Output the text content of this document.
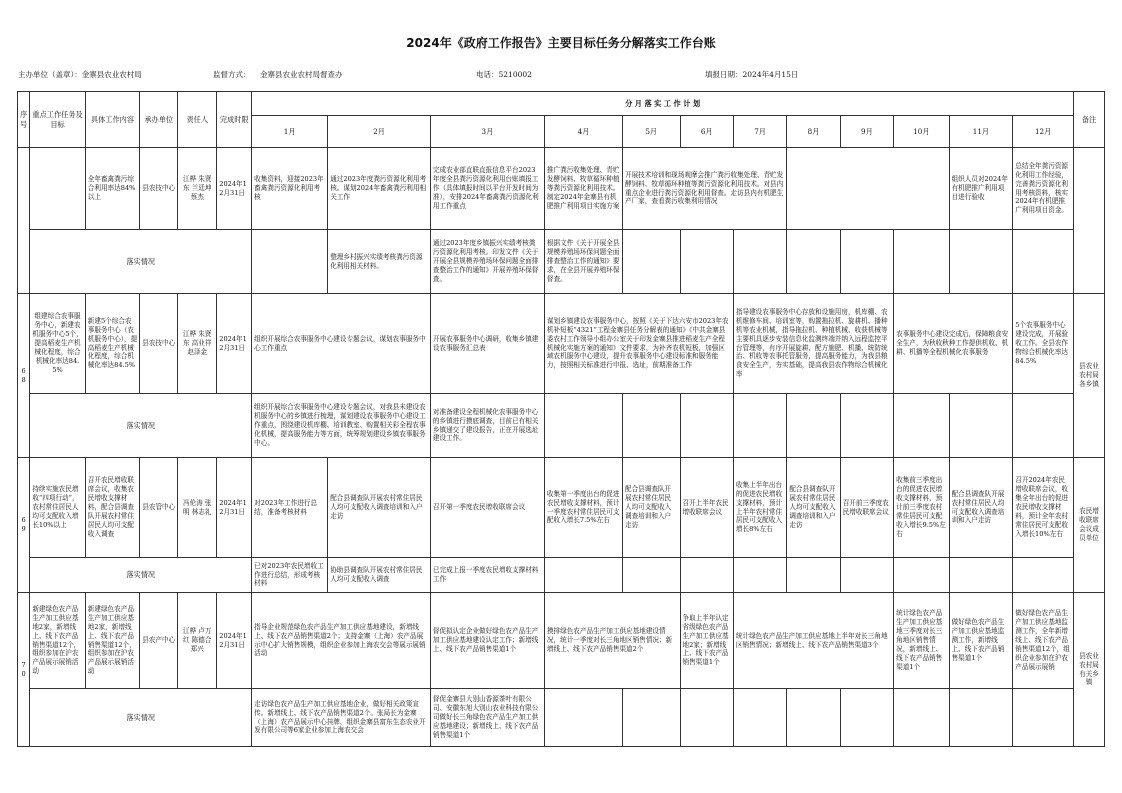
2024年《政府工作报告》主要目标任务分解落实工作台账
主办单位（盖章）：金寨县农业农村局	监督方式： 金寨县农业农村局督查办	电话：5210002	填报日期：2024年4月15日
序号	重点工作任务及目标	具体工作内容	承办单位	责任人	完成时限	分 月 落 实 工 作 计 划												备注
						1月	2月	3月	4月	5月	6月	7月	8月	9月	10月	11月	12月	
		全年畜禽粪污综合利用率达84%以上	县农技中心	江桦 朱贤东 兰廷坤 蔡杰	2024年12月31日	收集资料，迎接2023年畜禽粪污资源化利用考核	通过2023年度粪污资源化利用考核。谋划2024年畜禽粪污利用相关工作	完成农业部直联直报信息平台2023年度全县粪污资源化利用台账填报工作（具体填报时间以平台开发时间为准），安排2024年畜禽粪污资源化利用工作重点	推广粪污收集处理、青贮发酵饲料、牧草循环种植等粪污资源化利用技术。制定2024年金寨县有机肥推广利用项目实施方案	开展技术培训和现场观摩会推广粪污收集处理、青贮发酵饲料、牧草循环种植等粪污资源化利用技术。对县内重点企业进行粪污资源化利用督查。走访县内有机肥生产厂家，查看粪污收集利用情况						组织人员对2024年有机肥推广利用项目进行验收	总结全年粪污资源化利用工作经验，完善粪污资源化利用考核资料，核实2024年有机肥推广利用项目资金。	
	落实情况						整理乡村振兴实绩考核粪污资源化利用相关材料。	通过2023年度乡镇振兴实绩考核粪污资源化利用考核。印发文件《关于开展全县规模养殖场环保问题全面排查整治工作的通知》开展养殖环保督查。	根据文件《关于开展全县规模养殖场环保问题全面排查整治工作的通知》要求，在全县开展养殖环保督查。									
68	组建综合农事服务中心，新建农机服务中心5个，提高稻麦生产机械化程度，综合机械化率达84.5%	新建5个综合农事服务中心（农机服务中心），提高稻麦生产机械化程度，综合机械化率达84.5%	县农技中心	江桦 朱贤东 高业祥 赵泽金	2024年12月31日	组织开展综合农事服务中心建设专题会议，谋划农事服务中心工作重点		开展农事服务中心调研，收集乡镇建设农事服务汇总表	谋划乡镇建设农事服务中心，按照《关于下达六安市2023年农机补短板“4321”工程金寨县任务分解表的通知》《中共金寨县委农村工作领导小组办公室关于印发金寨县推进稻麦生产全程机械化实施方案的通知》文件要求，为补齐农机短板，加强区域农机服务中心建设，提升农事服务中心建设标准和服务能力，按照相关标准进行申报、选址，前期准备工作			指导建设农事服务中心存放和设施用房，机库棚、农机维修车间、培训室等，购置拖拉机、旋耕机、播种机等农业机械，指导拖拉机、种植机械、收获机械等主要机具逐步安装信息化监测终端并纳入远程监控平台管理等，有序开展旋耕、配方施肥、机播、统防统治、机收等农事托管服务，提高服务能力，为我县粮食安全生产，夯实基础，提高我县农作物综合机械化率			农事服务中心建设完成后，保障粮食安全生产，为秋收秋种工作提供机收、机耕、机播等全程机械化农事服务		5个农事服务中心建设完成，开展验收工作。全县农作物综合机械化率达84.5%	县农业农村局各乡镇
	落实情况					组织开展综合农事服务中心建设专题会议，对我县未建设农机服务中心的乡镇进行梳理，谋划建设农事服务中心建设工作重点，围绕建设机库棚、培训教室、购置相关彩全程农事化机械，提高服务能力等方面，统筹规划建设乡镇农事服务中心。		对准备建设全程机械化农事服务中心的乡镇进行摸底调查，目前已有相关乡镇递交了建设报告，正在开展选址建设工作。										
69	持续实施农民增收“四项行动”，农村常住居民人均可支配收入增长10%以上	召开农民增收联席会议，收集农民增收支撑材料，配合县调查队开展农村常住居民人均可支配收入调查	县农管中心	冯伦涛 张明 林志礼	2024年12月31日	对2023年工作进行总结，准备考核材料	配合县调查队开展农村常住居民人均可支配收入调查培训和入户走访	召开第一季度农民增收联席会议	收集第一季度出台的促进农民增收支撑材料，预计一季度农村常住居民可支配收入增长7.5%左右	配合县调查队开展农村常住居民人均可支配收入调查培训和入户走访	召开上半年农民增收联席会议	收集上半年出台的促进农民增收支撑材料，预计上半年农村常住居民可支配收入增长8%左右	配合县调查队开展农村常住居民人均可支配收入调查培训和入户走访	召开前三季度农民增收联席会议	收集前三季度出台的促进农民增收支撑材料，预计前三季度农村常住居民可支配收入增长9.5%左右	配合县调查队开展农村常住居民人均可支配收入调查培训和入户走访	召开2024年农民增收联席会议，收集全年出台的促进农民增收支撑材料，预计全年农村常住居民可支配收入增长10%左右	农民增收联席会议成员单位
	落实情况					已对2023年农民增收工作进行总结，形成考核材料	协助县调查队开展农村常住居民人均可支配收入调查	已完成上报一季度农民增收支撑材料工作										
70	新建绿色农产品生产加工供应基地2家，新增线上、线下农产品销售渠道12个，组织参加在沪农产品展示展销活动	新建绿色农产品生产加工供应基地2家，新增线上、线下农产品销售渠道12个，组织参加在沪农产品展示展销活动	县农产中心	江桦 卢万红 陈德合 郑兴	2024年12月31日	指导企业规范绿色农产品生产加工供应基地建设，新增线上、线下农产品销售渠道2个；支持金寨（上海）农产品展示中心扩大销售规模，组织企业参加上海农交会等展示展销活动		督促拟认定企业做好绿色农产品生产加工供应基地建设认定工作；新增线上、线下农产品销售渠道1个	摸排绿色农产品生产加工供应基地建设情况，统计一季度对长三角地区销售情况；新增线上、线下农产品销售渠道2个		争取上半年认定省级绿色农产品生产加工供应基地2家；新增线上、线下农产品销售渠道1个	统计绿色农产品生产加工供应基地上半年对长三角地区销售情况；新增线上、线下农产品销售渠道3个			统计绿色农产品生产加工供应基地三季度对长三角地区销售情况，新增线上、线下农产品销售渠道1个	做好绿色农产品生产加工供应基地监测工作，新增线上、线下农产品销售渠道1个	做好绿色农产品生产加工供应基地监测工作，全年新增线上、线下农产品销售渠道12个，组织企业参加在沪农产品展示展销	县农业农村局有关乡镇
	落实情况					走访绿色农产品生产加工供应基地企业，做好相关政策宣传。新增线上、线下农产品销售渠道2个。张局长为金寨（上海）农产品展示中心挂牌，组织金寨县富东生态农业开发有限公司等6家企业参加上海农交会		督促金寨县大别山香源茶叶有限公司、安徽东旭大别山农业科技有限公司做好长三角绿色农产品生产加工供应基地建设；新增线上、线下农产品销售渠道1个										
